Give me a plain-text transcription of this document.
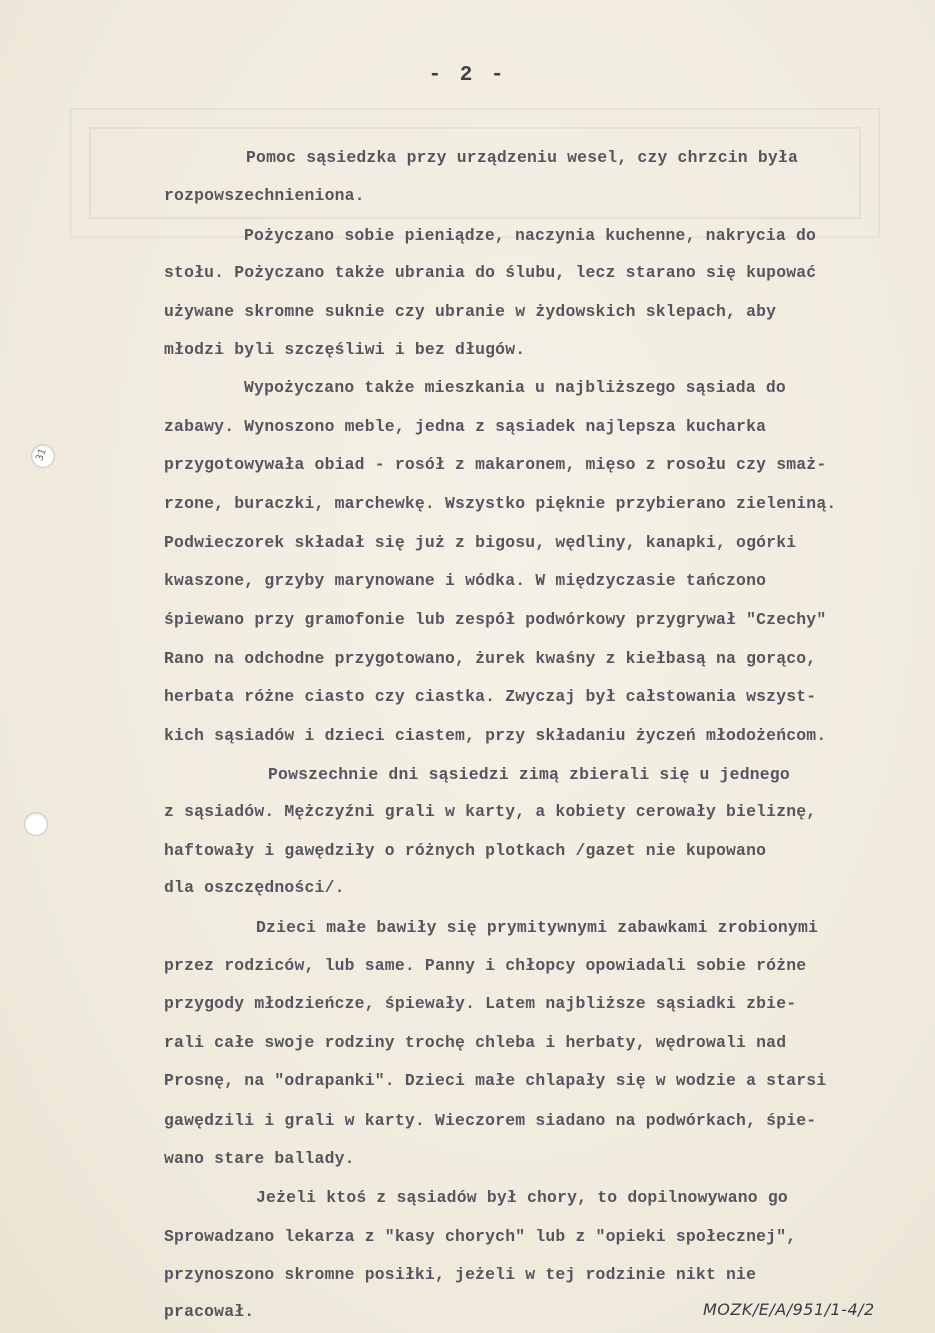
- 2 -
31
Pomoc sąsiedzka przy urządzeniu wesel, czy chrzcin była
rozpowszechnieniona.
Pożyczano sobie pieniądze, naczynia kuchenne, nakrycia do
stołu. Pożyczano także ubrania do ślubu, lecz starano się kupować
używane skromne suknie czy ubranie w żydowskich sklepach, aby
młodzi byli szczęśliwi i bez długów.
Wypożyczano także mieszkania u najbliższego sąsiada do
zabawy. Wynoszono meble, jedna z sąsiadek najlepsza kucharka
przygotowywała obiad - rosół z makaronem, mięso z rosołu czy smaż-
rzone, buraczki, marchewkę. Wszystko pięknie przybierano zieleniną.
Podwieczorek składał się już z bigosu, wędliny, kanapki, ogórki
kwaszone, grzyby marynowane i wódka. W międzyczasie tańczono
śpiewano przy gramofonie lub zespół podwórkowy przygrywał "Czechy"
Rano na odchodne przygotowano, żurek kwaśny z kiełbasą na gorąco,
herbata różne ciasto czy ciastka. Zwyczaj był całstowania wszyst-
kich sąsiadów i dzieci ciastem, przy składaniu życzeń młodożeńcom.
Powszechnie dni sąsiedzi zimą zbierali się u jednego
z sąsiadów. Mężczyźni grali w karty, a kobiety cerowały bieliznę,
haftowały i gawędziły o różnych plotkach /gazet nie kupowano
dla oszczędności/.
Dzieci małe bawiły się prymitywnymi zabawkami zrobionymi
przez rodziców, lub same. Panny i chłopcy opowiadali sobie różne
przygody młodzieńcze, śpiewały. Latem najbliższe sąsiadki zbie-
rali całe swoje rodziny trochę chleba i herbaty, wędrowali nad
Prosnę, na "odrapanki". Dzieci małe chlapały się w wodzie a starsi
gawędzili i grali w karty. Wieczorem siadano na podwórkach, śpie-
wano stare ballady.
Jeżeli ktoś z sąsiadów był chory, to dopilnowywano go
Sprowadzano lekarza z "kasy chorych" lub z "opieki społecznej",
przynoszono skromne posiłki, jeżeli w tej rodzinie nikt nie
pracował.	MOZK/E/A/951/1-4/2
